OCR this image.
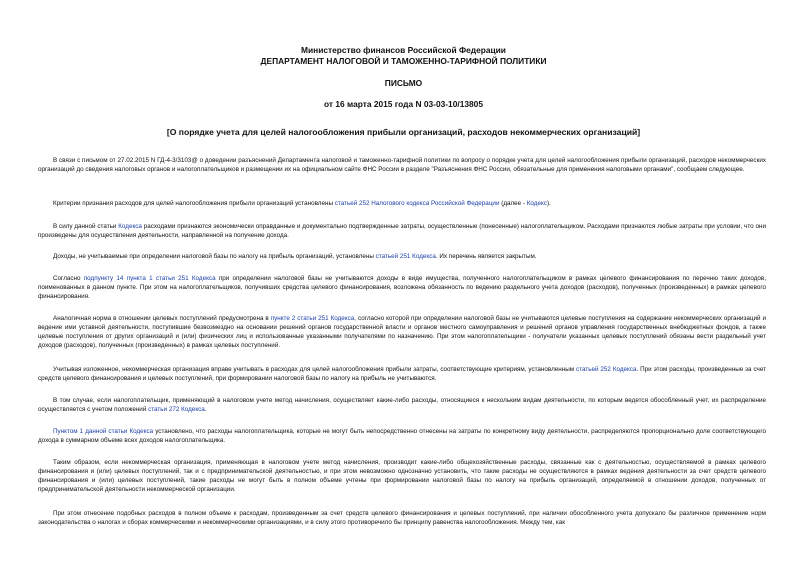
Министерство финансов Российской Федерации
ДЕПАРТАМЕНТ НАЛОГОВОЙ И ТАМОЖЕННО-ТАРИФНОЙ ПОЛИТИКИ
ПИСЬМО
от 16 марта 2015 года N 03-03-10/13805
[О порядке учета для целей налогообложения прибыли организаций, расходов некоммерческих организаций]
В связи с письмом от 27.02.2015 N ГД-4-3/3103@ о доведении разъяснений Департамента налоговой и таможенно-тарифной политики по вопросу о порядке учета для целей налогообложения прибыли организаций, расходов некоммерческих организаций до сведения налоговых органов и налогоплательщиков и размещении их на официальном сайте ФНС России в разделе "Разъяснения ФНС России, обязательные для применения налоговыми органами", сообщаем следующее.
Критерии признания расходов для целей налогообложения прибыли организаций установлены статьей 252 Налогового кодекса Российской Федерации (далее - Кодекс).
В силу данной статьи Кодекса расходами признаются экономически оправданные и документально подтвержденные затраты, осуществленные (понесенные) налогоплательщиком. Расходами признаются любые затраты при условии, что они произведены для осуществления деятельности, направленной на получение дохода.
Доходы, не учитываемые при определении налоговой базы по налогу на прибыль организаций, установлены статьей 251 Кодекса. Их перечень является закрытым.
Согласно подпункту 14 пункта 1 статьи 251 Кодекса при определении налоговой базы не учитываются доходы в виде имущества, полученного налогоплательщиком в рамках целевого финансирования по перечню таких доходов, поименованных в данном пункте. При этом на налогоплательщиков, получивших средства целевого финансирования, возложена обязанность по ведению раздельного учета доходов (расходов), полученных (произведенных) в рамках целевого финансирования.
Аналогичная норма в отношении целевых поступлений предусмотрена в пункте 2 статьи 251 Кодекса, согласно которой при определении налоговой базы не учитываются целевые поступления на содержание некоммерческих организаций и ведение ими уставной деятельности, поступившие безвозмездно на основании решений органов государственной власти и органов местного самоуправления и решений органов управления государственных внебюджетных фондов, а также целевые поступления от других организаций и (или) физических лиц и использованные указанными получателями по назначению. При этом налогоплательщики - получатели указанных целевых поступлений обязаны вести раздельный учет доходов (расходов), полученных (произведенных) в рамках целевых поступлений.
Учитывая изложенное, некоммерческая организация вправе учитывать в расходах для целей налогообложения прибыли затраты, соответствующие критериям, установленным статьей 252 Кодекса. При этом расходы, произведенные за счет средств целевого финансирования и целевых поступлений, при формировании налоговой базы по налогу на прибыль не учитываются.
В том случае, если налогоплательщик, применяющий в налоговом учете метод начисления, осуществляет какие-либо расходы, относящиеся к нескольким видам деятельности, по которым ведется обособленный учет, их распределение осуществляется с учетом положений статьи 272 Кодекса.
Пунктом 1 данной статьи Кодекса установлено, что расходы налогоплательщика, которые не могут быть непосредственно отнесены на затраты по конкретному виду деятельности, распределяются пропорционально доле соответствующего дохода в суммарном объеме всех доходов налогоплательщика.
Таким образом, если некоммерческая организация, применяющая в налоговом учете метод начисления, производит какие-либо общехозяйственные расходы, связанные как с деятельностью, осуществляемой в рамках целевого финансирования и (или) целевых поступлений, так и с предпринимательской деятельностью, и при этом невозможно однозначно установить, что такие расходы не осуществляются в рамках ведения деятельности за счет средств целевого финансирования и (или) целевых поступлений, такие расходы не могут быть в полном объеме учтены при формировании налоговой базы по налогу на прибыль организаций, определяемой в отношении доходов, полученных от предпринимательской деятельности некоммерческой организации.
При этом отнесение подобных расходов в полном объеме к расходам, произведенным за счет средств целевого финансирования и целевых поступлений, при наличии обособленного учета допускало бы различное применение норм законодательства о налогах и сборах коммерческими и некоммерческими организациями, и в силу этого противоречило бы принципу равенства налогообложения. Между тем, как
